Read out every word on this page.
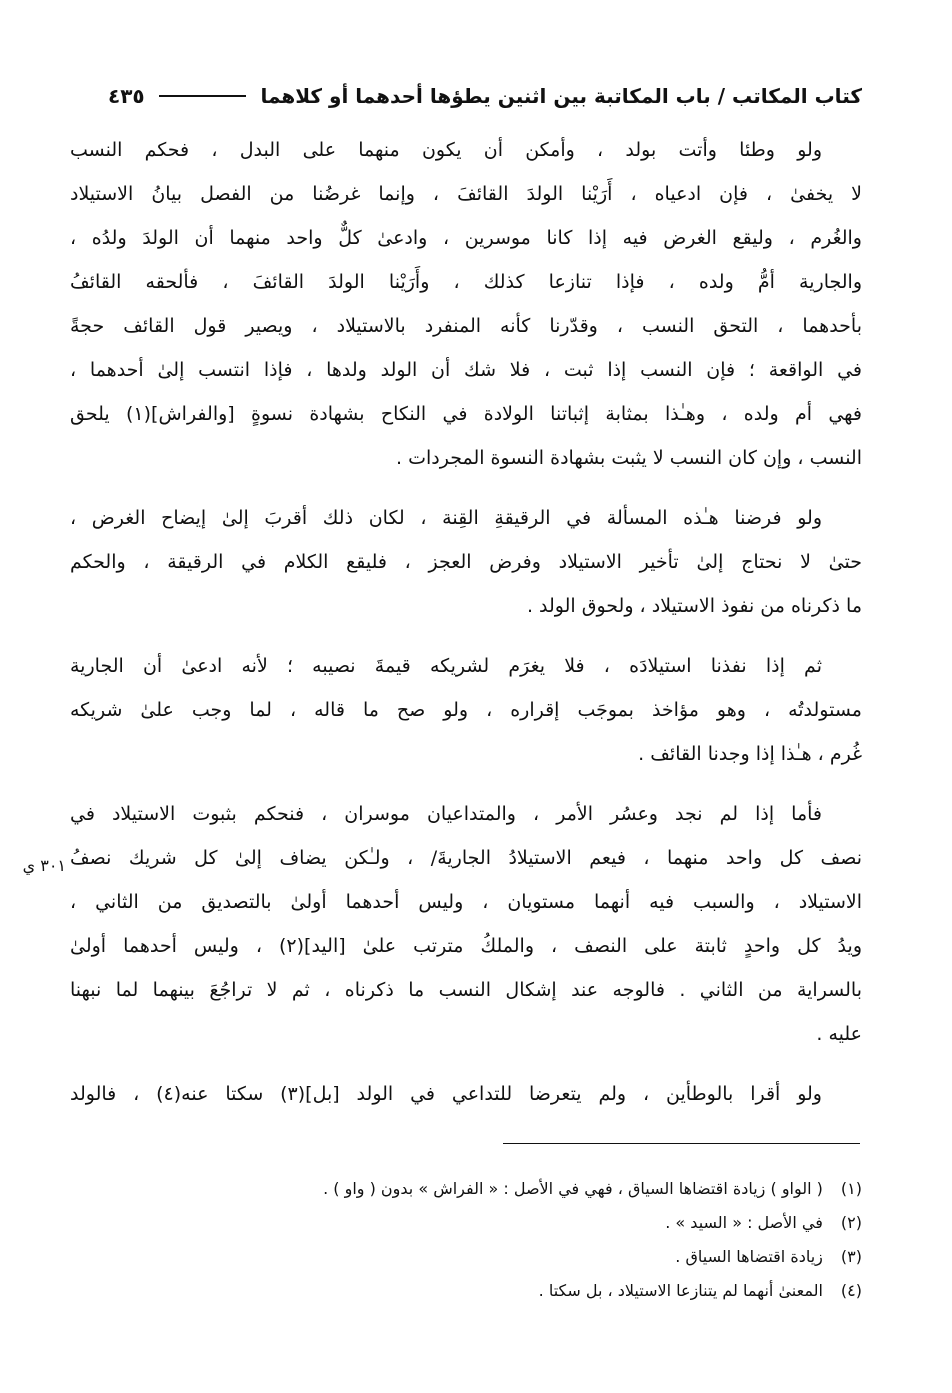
كتاب المكاتب / باب المكاتبة بين اثنين يطؤها أحدهما أو كلاهما
٤٣٥
ولو وطئا وأتت بولد ، وأمكن أن يكون منهما على البدل ، فحكم النسب
لا يخفىٰ ، فإن ادعياه ، أَرَيْنا الولدَ القائفَ ، وإنما غرضُنا من الفصل بيانُ الاستيلاد
والغُرم ، وليقع الغرض فيه إذا كانا موسرين ، وادعىٰ كلٌّ واحد منهما أن الولدَ ولدُه ،
والجارية أمُّ ولده ، فإذا تنازعا كذلك ، وأَرَيْنا الولدَ القائفَ ، فألحقه القائفُ
بأحدهما ، التحق النسب ، وقدّرنا كأنه المنفرد بالاستيلاد ، ويصير قول القائف حجةً
في الواقعة ؛ فإن النسب إذا ثبت ، فلا شك أن الولد ولدها ، فإذا انتسب إلىٰ أحدهما ،
فهي أم ولده ، وهـٰذا بمثابة إثباتنا الولادة في النكاح بشهادة نسوةٍ [والفراش](١) يلحق
النسب ، وإن كان النسب لا يثبت بشهادة النسوة المجردات .
ولو فرضنا هـٰذه المسألة في الرقيقةِ القِنة ، لكان ذلك أقربَ إلىٰ إيضاح الغرض ،
حتىٰ لا نحتاج إلىٰ تأخير الاستيلاد وفرض العجز ، فليقع الكلام في الرقيقة ، والحكم
ما ذكرناه من نفوذ الاستيلاد ، ولحوق الولد .
ثم إذا نفذنا استيلادَه ، فلا يغرَم لشريكه قيمةَ نصيبه ؛ لأنه ادعىٰ أن الجارية
مستولدتُه ، وهو مؤاخذ بموجَب إقراره ، ولو صح ما قاله ، لما وجب علىٰ شريكه
غُرم ، هـٰذا إذا وجدنا القائف .
فأما إذا لم نجد وعسُر الأمر ، والمتداعيان موسران ، فنحكم بثبوت الاستيلاد في
نصف كل واحد منهما ، فيعم الاستيلادُ الجاريةَ/ ، ولـٰكن يضاف إلىٰ كل شريك نصفُ
الاستيلاد ، والسبب فيه أنهما مستويان ، وليس أحدهما أولىٰ بالتصديق من الثاني ،
ويدُ كل واحدٍ ثابتة على النصف ، والملكُ مترتب علىٰ [اليد](٢) ، وليس أحدهما أولىٰ
بالسراية من الثاني . فالوجه عند إشكال النسب ما ذكرناه ، ثم لا تراجُعَ بينهما لما نبهنا
عليه .
ولو أقرا بالوطأين ، ولم يتعرضا للتداعي في الولد [بل](٣) سكتا عنه(٤) ، فالولد
٣٠١ ي
(١) ( الواو ) زيادة اقتضاها السياق ، فهي في الأصل : « الفراش » بدون ( واو ) .
(٢) في الأصل : « السيد » .
(٣) زيادة اقتضاها السياق .
(٤) المعنىٰ أنهما لم يتنازعا الاستيلاد ، بل سكتا .
